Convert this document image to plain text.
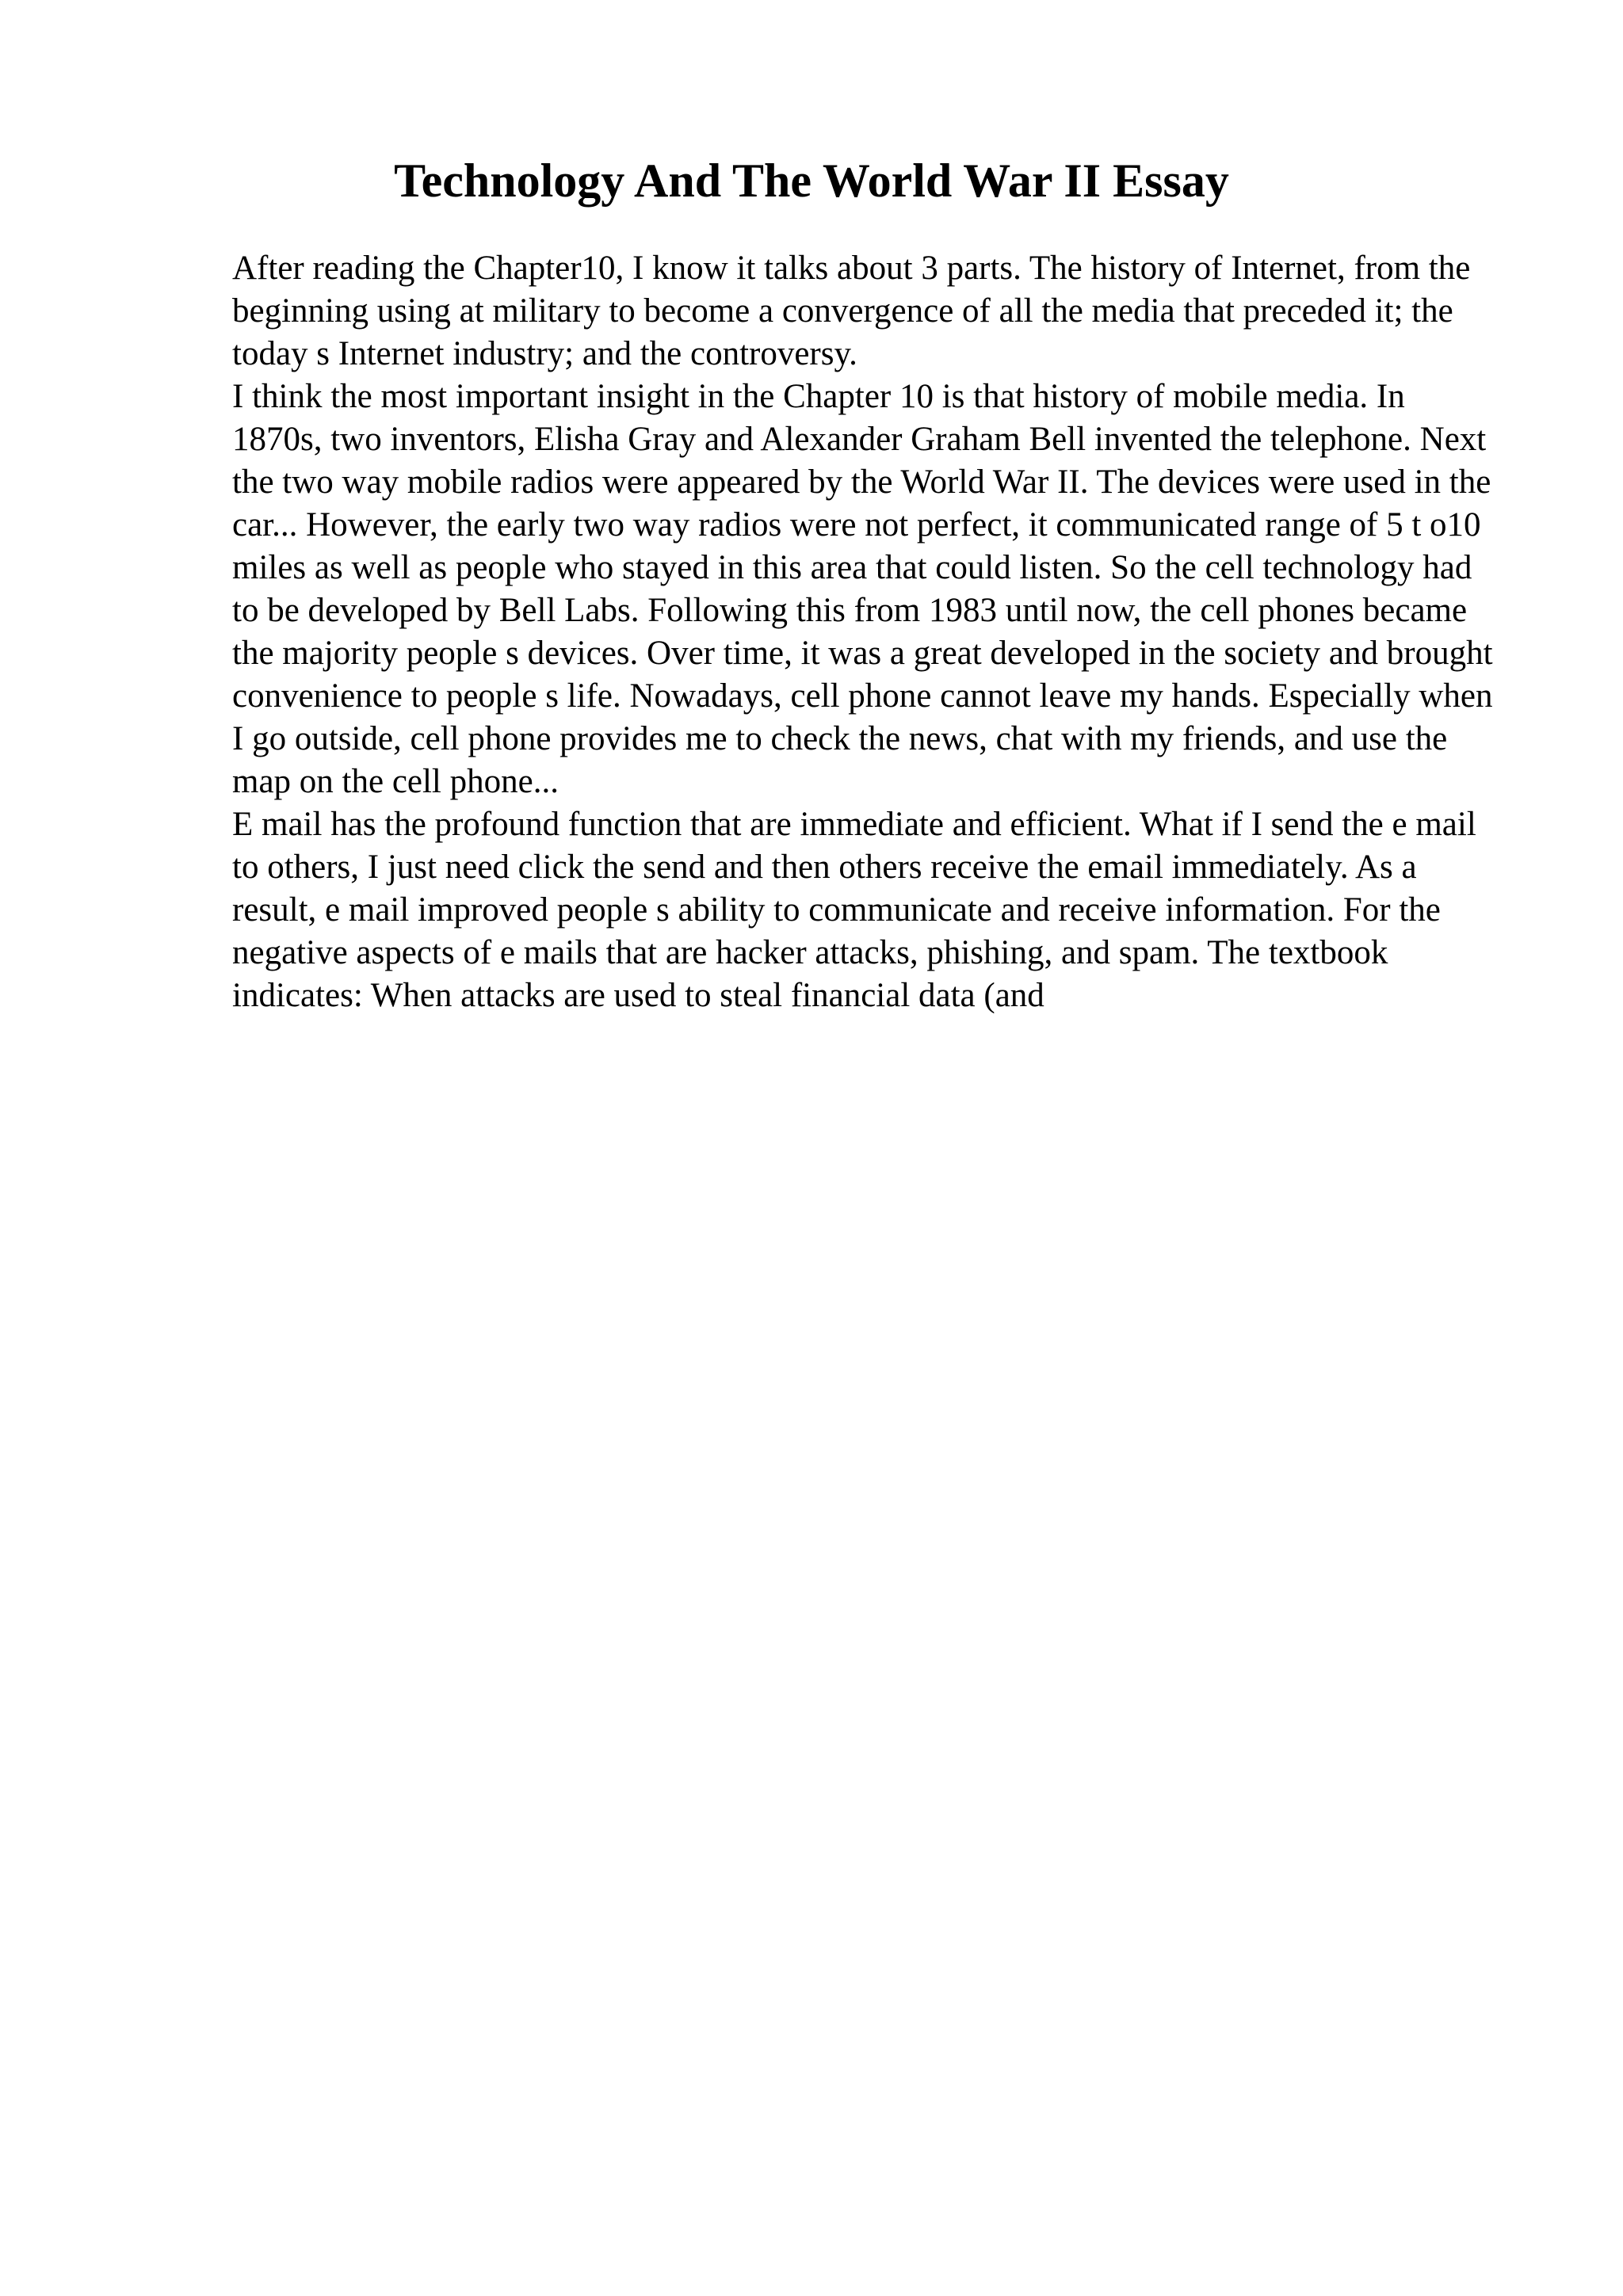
Technology And The World War II Essay

After reading the Chapter10, I know it talks about 3 parts. The history of Internet, from the beginning using at military to become a convergence of all the media that preceded it; the today s Internet industry; and the controversy.

I think the most important insight in the Chapter 10 is that history of mobile media. In 1870s, two inventors, Elisha Gray and Alexander Graham Bell invented the telephone. Next the two way mobile radios were appeared by the World War II. The devices were used in the car... However, the early two way radios were not perfect, it communicated range of 5 t o10 miles as well as people who stayed in this area that could listen. So the cell technology had to be developed by Bell Labs. Following this from 1983 until now, the cell phones became the majority people s devices. Over time, it was a great developed in the society and brought convenience to people s life. Nowadays, cell phone cannot leave my hands. Especially when I go outside, cell phone provides me to check the news, chat with my friends, and use the map on the cell phone...

E mail has the profound function that are immediate and efficient. What if I send the e mail to others, I just need click the send and then others receive the email immediately. As a result, e mail improved people s ability to communicate and receive information. For the negative aspects of e mails that are hacker attacks, phishing, and spam. The textbook indicates: When attacks are used to steal financial data (and
